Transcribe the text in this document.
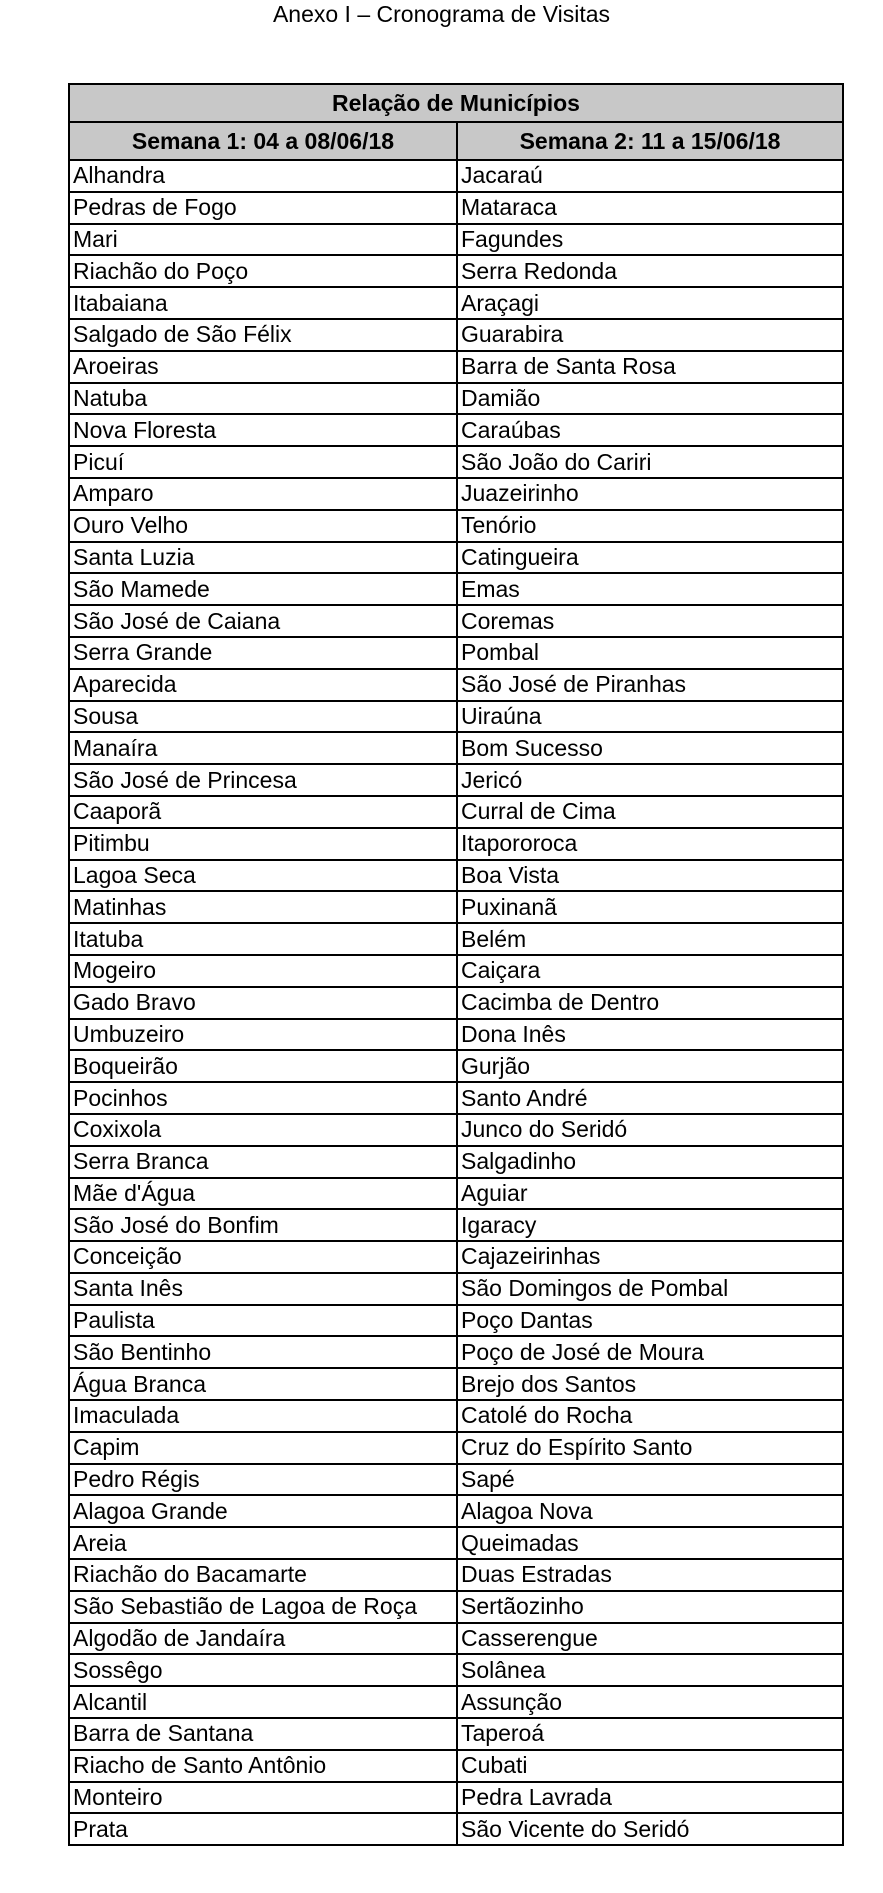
Anexo I – Cronograma de Visitas
Relação de Municípios	
Semana 1: 04 a 08/06/18	Semana 2: 11 a 15/06/18
Alhandra	Jacaraú
Pedras de Fogo	Mataraca
Mari	Fagundes
Riachão do Poço	Serra Redonda
Itabaiana	Araçagi
Salgado de São Félix	Guarabira
Aroeiras	Barra de Santa Rosa
Natuba	Damião
Nova Floresta	Caraúbas
Picuí	São João do Cariri
Amparo	Juazeirinho
Ouro Velho	Tenório
Santa Luzia	Catingueira
São Mamede	Emas
São José de Caiana	Coremas
Serra Grande	Pombal
Aparecida	São José de Piranhas
Sousa	Uiraúna
Manaíra	Bom Sucesso
São José de Princesa	Jericó
Caaporã	Curral de Cima
Pitimbu	Itapororoca
Lagoa Seca	Boa Vista
Matinhas	Puxinanã
Itatuba	Belém
Mogeiro	Caiçara
Gado Bravo	Cacimba de Dentro
Umbuzeiro	Dona Inês
Boqueirão	Gurjão
Pocinhos	Santo André
Coxixola	Junco do Seridó
Serra Branca	Salgadinho
Mãe d'Água	Aguiar
São José do Bonfim	Igaracy
Conceição	Cajazeirinhas
Santa Inês	São Domingos de Pombal
Paulista	Poço Dantas
São Bentinho	Poço de José de Moura
Água Branca	Brejo dos Santos
Imaculada	Catolé do Rocha
Capim	Cruz do Espírito Santo
Pedro Régis	Sapé
Alagoa Grande	Alagoa Nova
Areia	Queimadas
Riachão do Bacamarte	Duas Estradas
São Sebastião de Lagoa de Roça	Sertãozinho
Algodão de Jandaíra	Casserengue
Sossêgo	Solânea
Alcantil	Assunção
Barra de Santana	Taperoá
Riacho de Santo Antônio	Cubati
Monteiro	Pedra Lavrada
Prata	São Vicente do Seridó
